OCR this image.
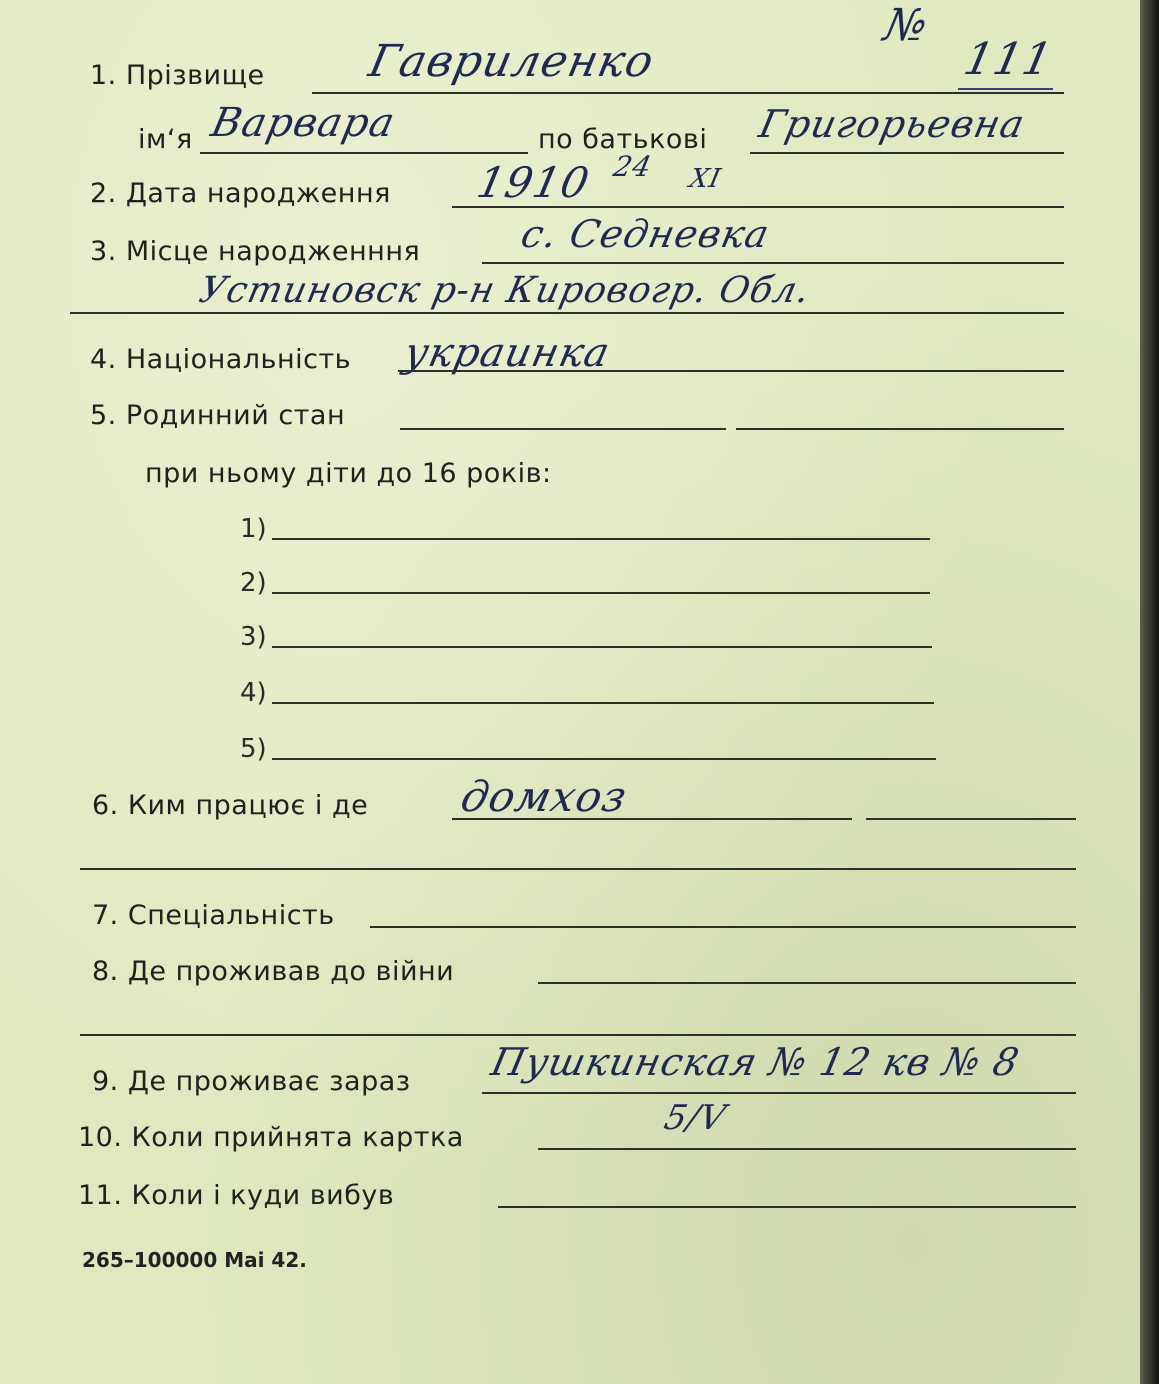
№
111
1. Прізвище Гавриленко
ім‘я Варвара	по батькові Григорьевна
2. Дата народження 1910 24 XI
3. Місце народженння	с. Седневка
Устиновск р-н Кировогр. Обл.
4. Національність украинка
5. Родинний стан
при ньому діти до 16 років:
1)
2)
3)
4)
5)
6. Ким працює і де домхоз
7. Спеціальність
8. Де проживав до війни
9. Де проживає зараз Пушкинская № 12 кв № 8
10. Коли прийнята картка	5/V
11. Коли і куди вибув
265–100000 Mai 42.
